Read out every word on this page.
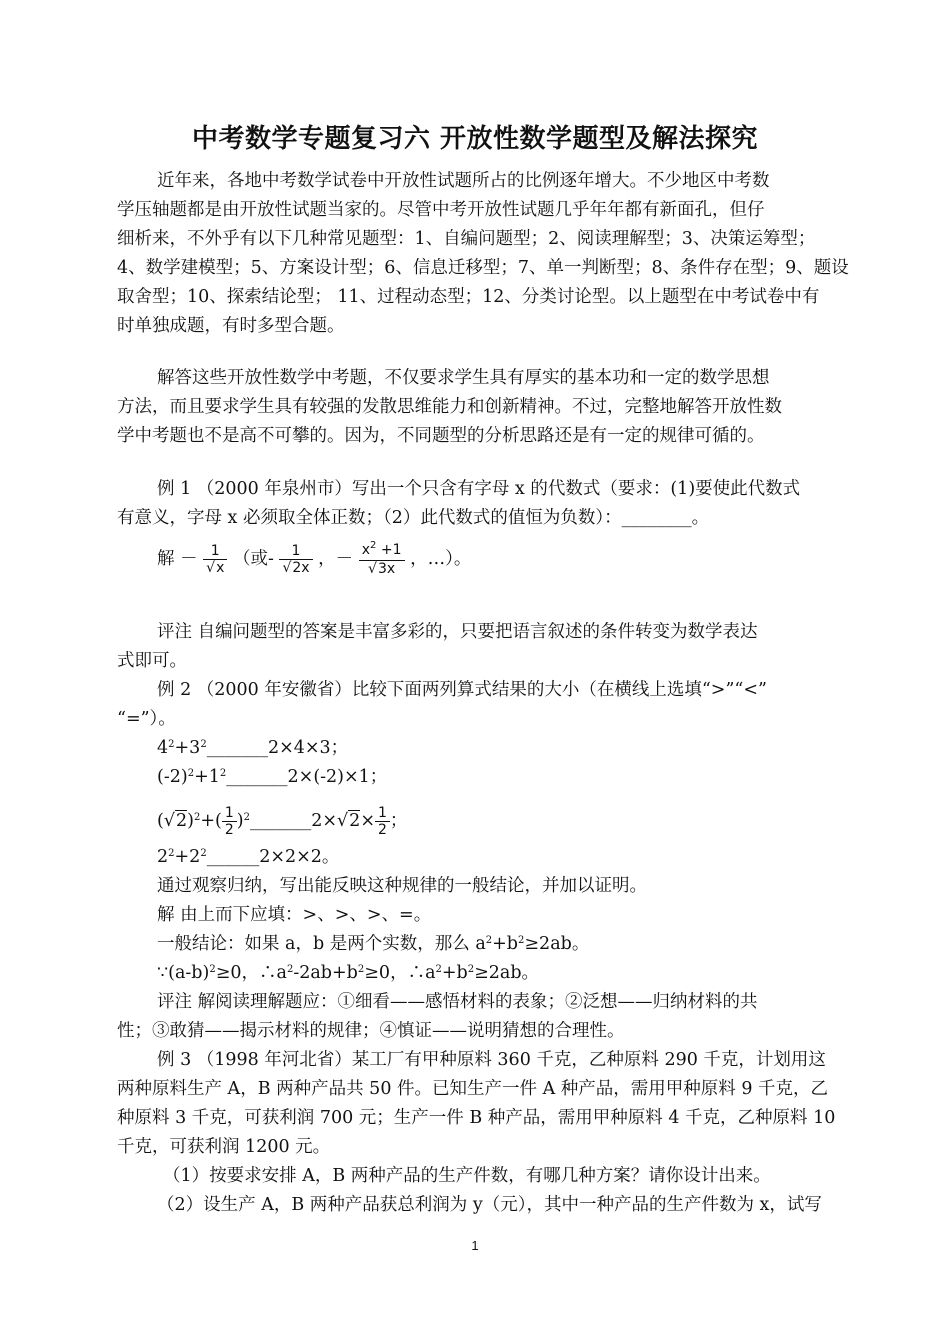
中考数学专题复习六 开放性数学题型及解法探究
近年来，各地中考数学试卷中开放性试题所占的比例逐年增大。不少地区中考数
学压轴题都是由开放性试题当家的。尽管中考开放性试题几乎年年都有新面孔，但仔
细析来，不外乎有以下几种常见题型：1、自编问题型；2、阅读理解型；3、决策运筹型；
4、数学建模型；5、方案设计型；6、信息迁移型；7、单一判断型；8、条件存在型；9、题设
取舍型；10、探索结论型； 11、过程动态型；12、分类讨论型。以上题型在中考试卷中有
时单独成题，有时多型合题。
解答这些开放性数学中考题，不仅要求学生具有厚实的基本功和一定的数学思想
方法，而且要求学生具有较强的发散思维能力和创新精神。不过，完整地解答开放性数
学中考题也不是高不可攀的。因为，不同题型的分析思路还是有一定的规律可循的。
例 1 （2000 年泉州市）写出一个只含有字母 x 的代数式（要求：(1)要使此代数式
有意义，字母 x 必须取全体正数；（2）此代数式的值恒为负数）：________。
解 － $\frac{1}{√x}$ （或- $\frac{1}{√2x}$ ，－ $\frac{x^2 +1}{√3x}$ ，…）。
评注 自编问题型的答案是丰富多彩的，只要把语言叙述的条件转变为数学表达
式即可。
例 2 （2000 年安徽省）比较下面两列算式结果的大小（在横线上选填“>”“<”
“=”）。
$4^2+3^2\_\_\_\_\_\_\_2\times 4\times 3$；
$(-2)^2+1^2\_\_\_\_\_\_\_2\times(-2)\times 1$；
$(√2)^2+( \frac{1}{2}$ )$^2\_\_\_\_\_\_\_2\times√2\times \frac{1}{2}$ ；
$2^2+2^2\_\_\_\_\_\_2\times 2\times 2$。
通过观察归纳，写出能反映这种规律的一般结论，并加以证明。
解 由上而下应填：>、>、>、=。
一般结论：如果 a，b 是两个实数，那么 $a^2+b^2\ge 2ab$。
$\because(a-b)^2\ge 0$，$\therefore a^2-2ab+b^2\ge 0$，$\therefore a^2+b^2\ge 2ab$。
评注 解阅读理解题应：①细看——感悟材料的表象；②泛想——归纳材料的共
性；③敢猜——揭示材料的规律；④慎证——说明猜想的合理性。
例 3 （1998 年河北省）某工厂有甲种原料 360 千克，乙种原料 290 千克，计划用这
两种原料生产 A，B 两种产品共 50 件。已知生产一件 A 种产品，需用甲种原料 9 千克，乙
种原料 3 千克，可获利润 700 元；生产一件 B 种产品，需用甲种原料 4 千克，乙种原料 10
千克，可获利润 1200 元。
（1）按要求安排 A，B 两种产品的生产件数，有哪几种方案？请你设计出来。
（2）设生产 A，B 两种产品获总利润为 y（元），其中一种产品的生产件数为 x，试写
1
